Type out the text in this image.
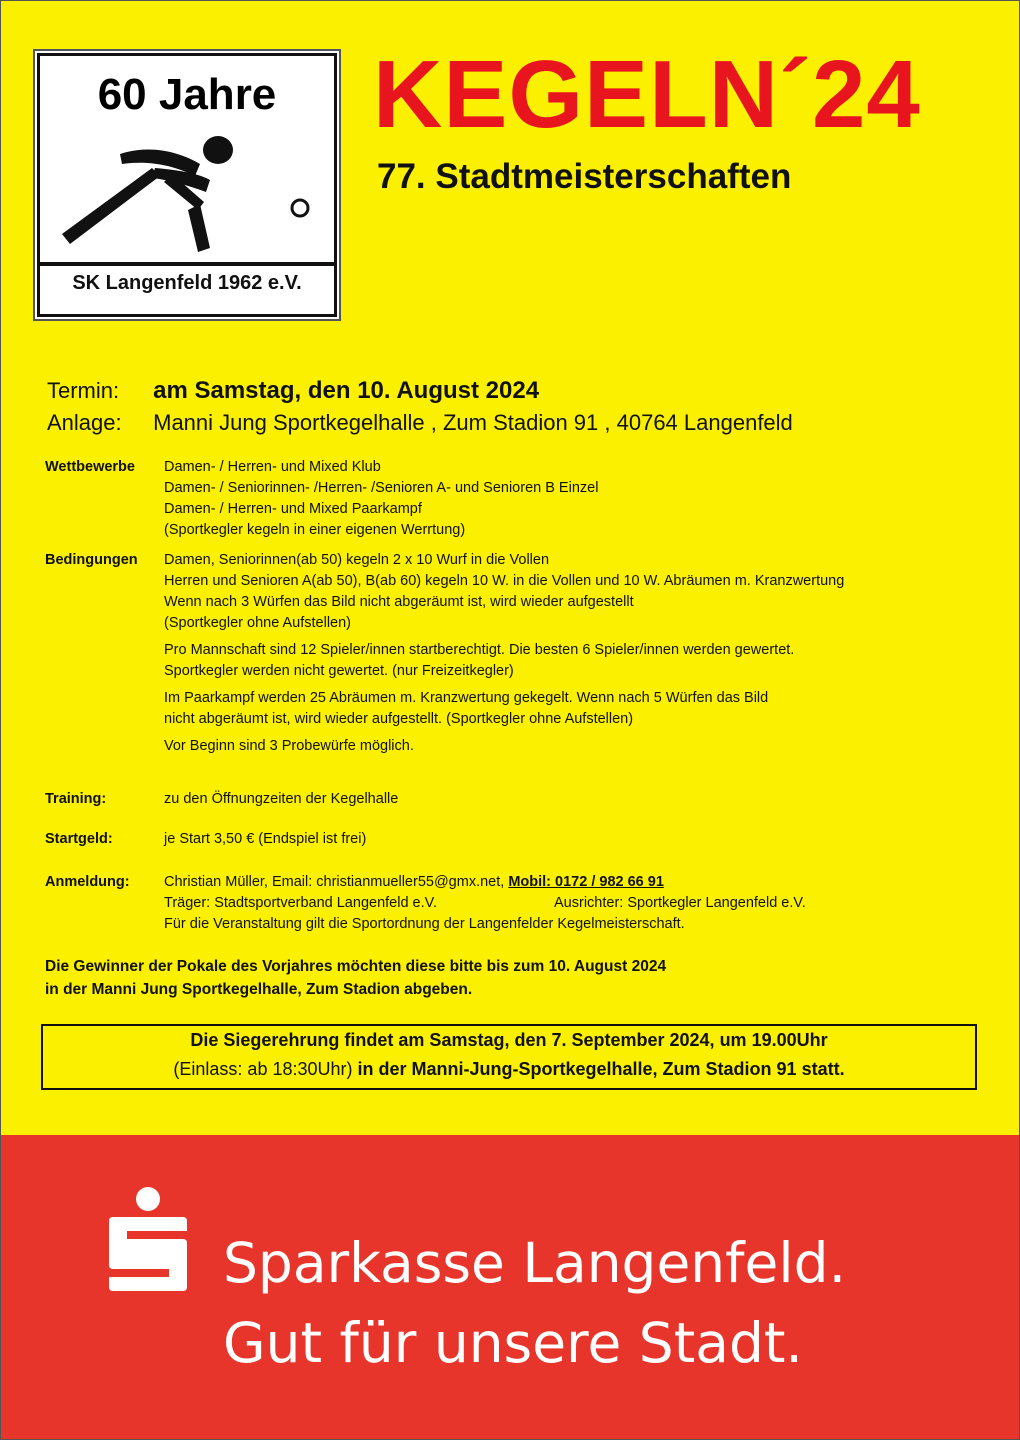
60 Jahre
SK Langenfeld 1962 e.V.
KEGELN´24
77. Stadtmeisterschaften
Termin: am Samstag, den 10. August 2024
Anlage: Manni Jung Sportkegelhalle , Zum Stadion 91 , 40764 Langenfeld
Wettbewerbe Damen- / Herren- und Mixed Klub
Damen- / Seniorinnen- /Herren- /Senioren A- und Senioren B Einzel
Damen- / Herren- und Mixed Paarkampf
(Sportkegler kegeln in einer eigenen Werrtung)
Bedingungen Damen, Seniorinnen(ab 50) kegeln 2 x 10 Wurf in die Vollen
Herren und Senioren A(ab 50), B(ab 60) kegeln 10 W. in die Vollen und 10 W. Abräumen m. Kranzwertung
Wenn nach 3 Würfen das Bild nicht abgeräumt ist, wird wieder aufgestellt
(Sportkegler ohne Aufstellen)
Pro Mannschaft sind 12 Spieler/innen startberechtigt. Die besten 6 Spieler/innen werden gewertet.
Sportkegler werden nicht gewertet. (nur Freizeitkegler)
Im Paarkampf werden 25 Abräumen m. Kranzwertung gekegelt. Wenn nach 5 Würfen das Bild
nicht abgeräumt ist, wird wieder aufgestellt. (Sportkegler ohne Aufstellen)
Vor Beginn sind 3 Probewürfe möglich.
Training:	zu den Öffnungzeiten der Kegelhalle
Startgeld:	je Start 3,50 € (Endspiel ist frei)
Anmeldung: Christian Müller, Email: christianmueller55@gmx.net, Mobil: 0172 / 982 66 91
Träger: Stadtsportverband Langenfeld e.V.	Ausrichter: Sportkegler Langenfeld e.V.
Für die Veranstaltung gilt die Sportordnung der Langenfelder Kegelmeisterschaft.
Die Gewinner der Pokale des Vorjahres möchten diese bitte bis zum 10. August 2024
in der Manni Jung Sportkegelhalle, Zum Stadion abgeben.
Die Siegerehrung findet am Samstag, den 7. September 2024, um 19.00Uhr
(Einlass: ab 18:30Uhr) in der Manni-Jung-Sportkegelhalle, Zum Stadion 91 statt.
Sparkasse Langenfeld.
Gut für unsere Stadt.
